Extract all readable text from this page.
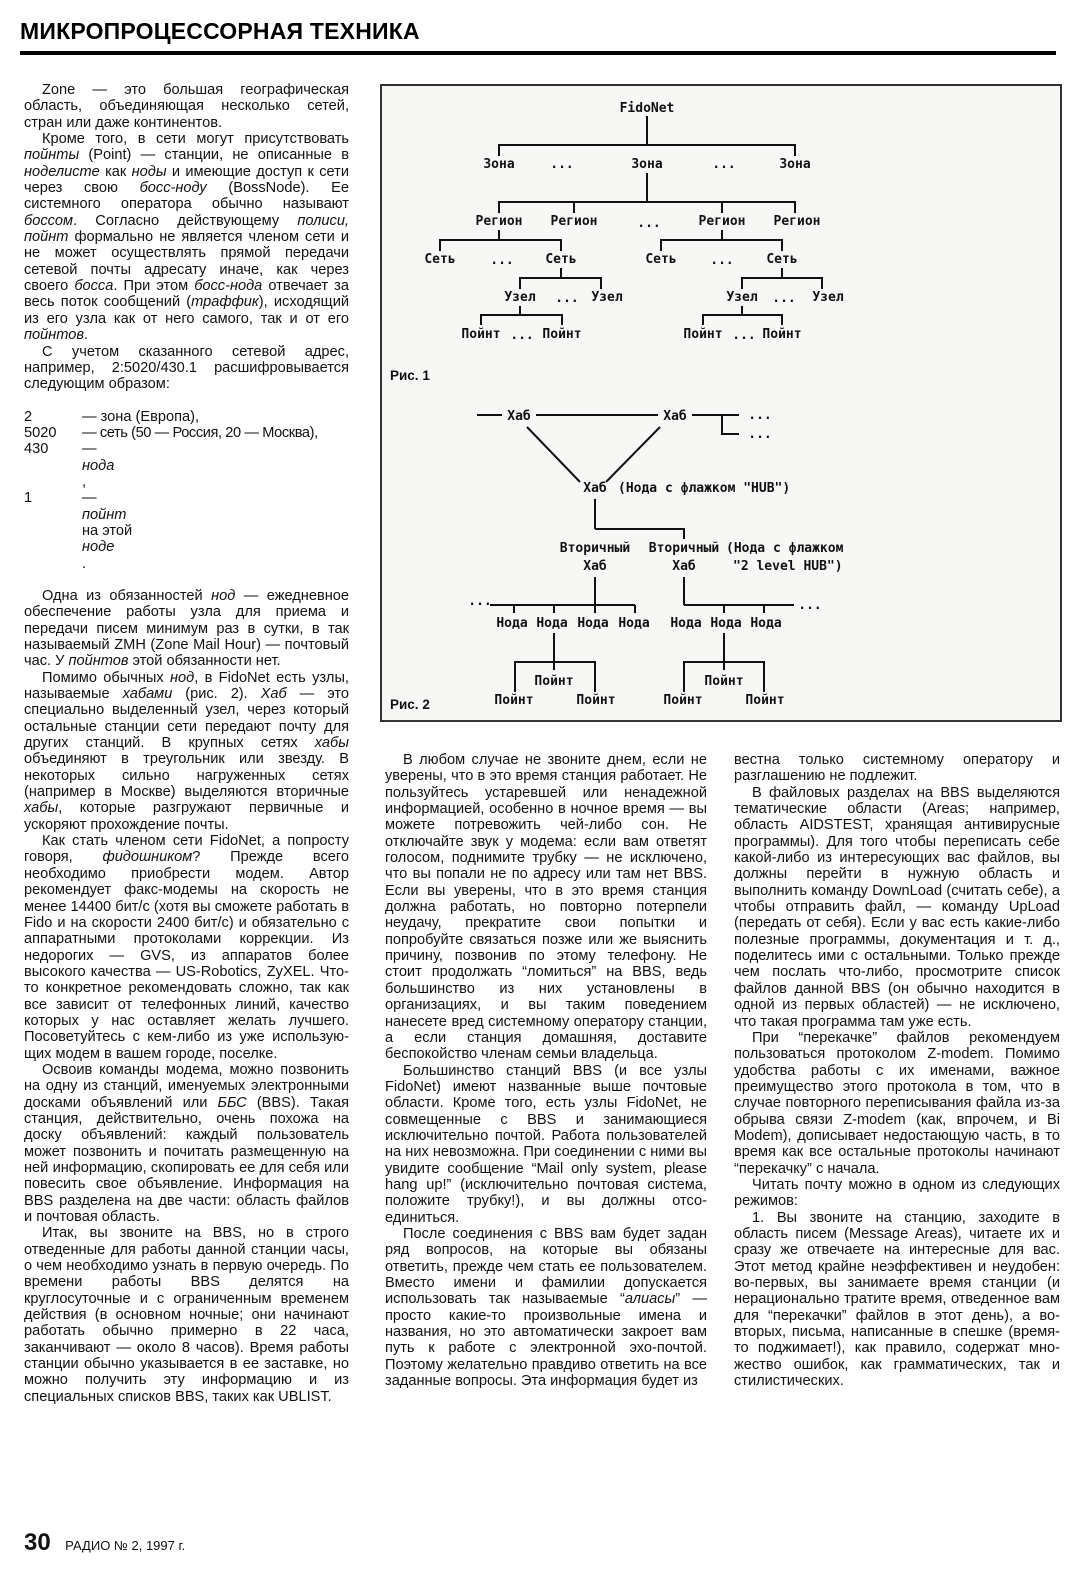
МИКРОПРОЦЕССОРНАЯ ТЕХНИКА

Zone — это большая географическая область, объединяющая несколько сетей, стран или даже континентов.

Кроме того, в сети могут присутствовать пойнты (Point) — станции, не описанные в ноделисте как ноды и имеющие доступ к сети через свою босс-ноду (BossNode). Ее системного оператора обычно называют боссом. Согласно действующему полиси, пойнт формально не является членом сети и не может осуществлять прямой передачи сетевой почты адресату иначе, как через своего босса. При этом босс-нода отвечает за весь поток сообщений (траффик), исходящий из его узла как от него самого, так и от его пойнтов.

С учетом сказанного сетевой адрес, например, 2:5020/430.1 расшифровывается следующим образом:

2	— зона (Европа),
5020	— сеть (50 — Россия, 20 — Москва),
430	—
нода
,
1	—
пойнт
на этой
ноде
.

Одна из обязанностей нод — ежедневное обеспечение работы узла для приема и передачи писем минимум раз в сутки, в так называемый ZMH (Zone Mail Hour) — почтовый час. У пойнтов этой обязанности нет.

Помимо обычных нод, в FidoNet есть узлы, называемые хабами (рис. 2). Хаб — это специально выделенный узел, через который остальные станции сети передают почту для других станций. В крупных сетях хабы объединяют в треугольник или звезду. В некоторых сильно нагруженных сетях (например в Москве) выделяются вторичные хабы, которые разгружают первичные и ускоряют прохождение почты.

Как стать членом сети FidoNet, а попросту говоря, фидошником? Прежде всего необходимо приобрести модем. Автор рекомендует факс-модемы на скорость не менее 14400 бит/с (хотя вы сможете работать в Fido и на скорости 2400 бит/с) и обязательно с аппаратными протоколами коррекции. Из недорогих — GVS, из аппаратов более высокого качества — US-Robotics, ZyXEL. Что-то конкретное рекомендовать сложно, так как все зависит от телефонных линий, качество которых у нас оставляет желать лучшего. Посоветуйтесь с кем-либо из уже использующих модем в вашем городе, поселке.

Освоив команды модема, можно позвонить на одну из станций, именуемых электронными досками объявлений или ББС (BBS). Такая станция, действительно, очень похожа на доску объявлений: каждый пользователь может позвонить и почитать размещенную на ней информацию, скопировать ее для себя или повесить свое объявление. Информация на BBS разделена на две части: область файлов и почтовая область.

Итак, вы звоните на BBS, но в строго отведенные для работы данной станции часы, о чем необходимо узнать в первую очередь. По времени работы BBS делятся на круглосуточные и с ограниченным временем действия (в основном ночные; они начинают работать обычно примерно в 22 часа, заканчивают — около 8 часов). Время работы станции обычно указывается в ее заставке, но можно получить эту информацию и из специальных списков BBS, таких как UBLIST.

FidoNet
Зона	...	Зона	...	Зона
Регион Регион	...	Регион Регион
Сеть	... Сеть	Сеть	...	Сеть
Узел ... Узел	Узел ... Узел
Пойнт ... Пойнт	Пойнт ... Пойнт
Рис. 1
Хаб	Хаб	...
...
Хаб (Нода с флажком "HUB")
Вторичный
Хаб
Вторичный
Хаб
(Нода с флажком
"2 level HUB")
...
Нода Нода Нода Нода
...
Нода Нода Нода
Пойнт
Пойнт	Пойнт
Пойнт
Пойнт	Пойнт
Рис. 2

В любом случае не звоните днем, если не уверены, что в это время станция работает. Не пользуйтесь устаревшей или ненадежной информацией, особенно в ночное время — вы можете потревожить чей-либо сон. Не отключайте звук у модема: если вам ответят голосом, поднимите трубку — не исключено, что вы попали не по адресу или там нет BBS. Если вы уверены, что в это время станция должна работать, но повторно потерпели неудачу, прекратите свои попытки и попробуйте связаться позже или же выяснить причину, позвонив по этому телефону. Не стоит продолжать “ломиться” на BBS, ведь большинство из них установлены в организациях, и вы таким поведением нанесете вред системному оператору станции, а если станция домашняя, доставите беспокойство членам семьи владельца.

Большинство станций BBS (и все узлы FidoNet) имеют названные выше почтовые области. Кроме того, есть узлы FidoNet, не совмещенные с BBS и занимающиеся исключительно почтой. Работа пользователей на них невозможна. При соединении с ними вы увидите сообщение “Mail only system, please hang up!” (исключительно почтовая система, положите трубку!), и вы должны отсоединиться.

После соединения с BBS вам будет задан ряд вопросов, на которые вы обязаны ответить, прежде чем стать ее пользователем. Вместо имени и фамилии допускается использовать так называемые “алиасы” — просто какие-то произвольные имена и названия, но это автоматически закроет вам путь к работе с электронной эхо-почтой. Поэтому желательно правдиво ответить на все заданные вопросы. Эта информация будет из

вестна только системному оператору и разглашению не подлежит.

В файловых разделах на BBS выделяются тематические области (Areas; например, область AIDSTEST, хранящая антивирусные программы). Для того чтобы переписать себе какой-либо из интересующих вас файлов, вы должны перейти в нужную область и выполнить команду DownLoad (считать себе), а чтобы отправить файл, — команду UpLoad (передать от себя). Если у вас есть какие-либо полезные программы, документация и т. д., поделитесь ими с остальными. Только прежде чем послать что-либо, просмотрите список файлов данной BBS (он обычно находится в одной из первых областей) — не исключено, что такая программа там уже есть.

При “перекачке” файлов рекомендуем пользоваться протоколом Z-modem. Помимо удобства работы с их именами, важное преимущество этого протокола в том, что в случае повторного переписывания файла из-за обрыва связи Z-modem (как, впрочем, и Bi Modem), дописывает недостающую часть, в то время как все остальные протоколы начинают “перекачку” с начала.

Читать почту можно в одном из следующих режимов:

1. Вы звоните на станцию, заходите в область писем (Message Areas), читаете их и сразу же отвечаете на интересные для вас. Этот метод крайне неэффективен и неудобен: во-первых, вы занимаете время станции (и нерационально тратите время, отведенное вам для “перекачки” файлов в этот день), а во-вторых, письма, написанные в спешке (время-то поджимает!), как правило, содержат множество ошибок, как грамматических, так и стилистических.

30 РАДИО № 2, 1997 г.
